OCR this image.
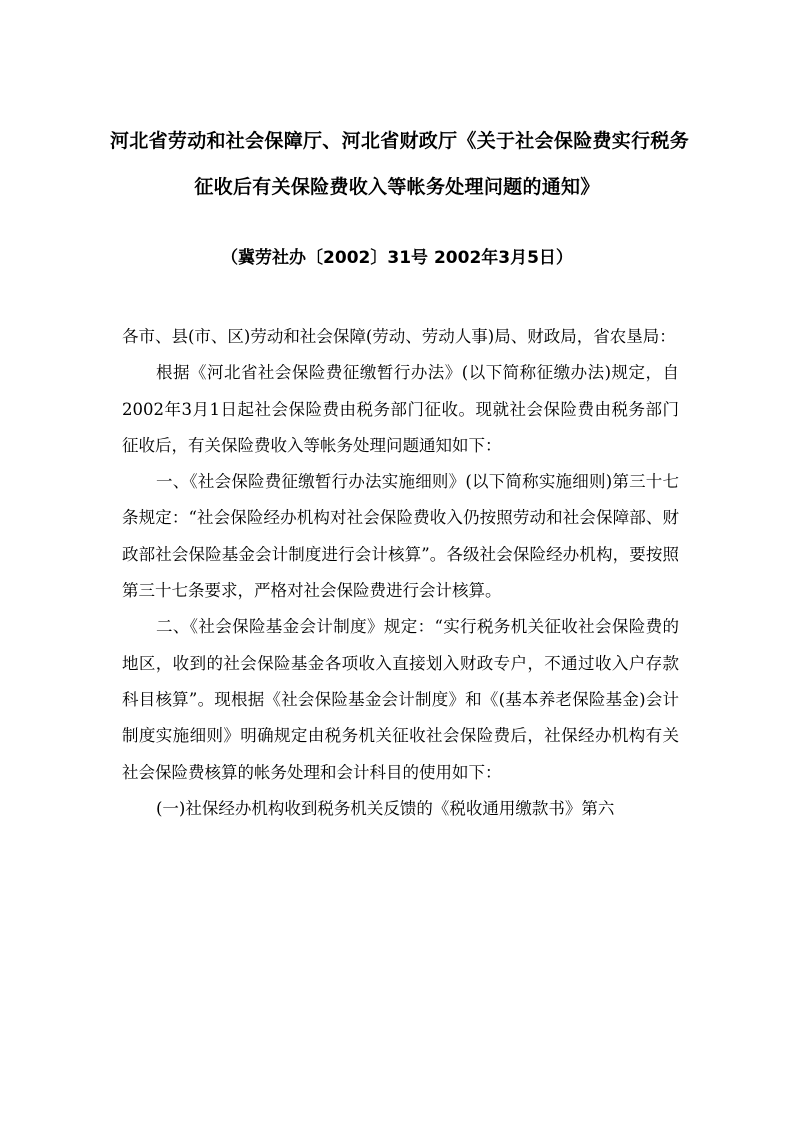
河北省劳动和社会保障厅、河北省财政厅《关于社会保险费实行税务
征收后有关保险费收入等帐务处理问题的通知》
（冀劳社办〔2002〕31号 2002年3月5日）

各市、县(市、区)劳动和社会保障(劳动、劳动人事)局、财政局，省农垦局：

根据《河北省社会保险费征缴暂行办法》(以下简称征缴办法)规定，自2002年3月1日起社会保险费由税务部门征收。现就社会保险费由税务部门征收后，有关保险费收入等帐务处理问题通知如下：

一、《社会保险费征缴暂行办法实施细则》(以下简称实施细则)第三十七条规定：“社会保险经办机构对社会保险费收入仍按照劳动和社会保障部、财政部社会保险基金会计制度进行会计核算”。各级社会保险经办机构，要按照第三十七条要求，严格对社会保险费进行会计核算。

二、《社会保险基金会计制度》规定：“实行税务机关征收社会保险费的地区，收到的社会保险基金各项收入直接划入财政专户，不通过收入户存款科目核算”。现根据《社会保险基金会计制度》和《(基本养老保险基金)会计制度实施细则》明确规定由税务机关征收社会保险费后，社保经办机构有关社会保险费核算的帐务处理和会计科目的使用如下：

(一)社保经办机构收到税务机关反馈的《税收通用缴款书》第六
